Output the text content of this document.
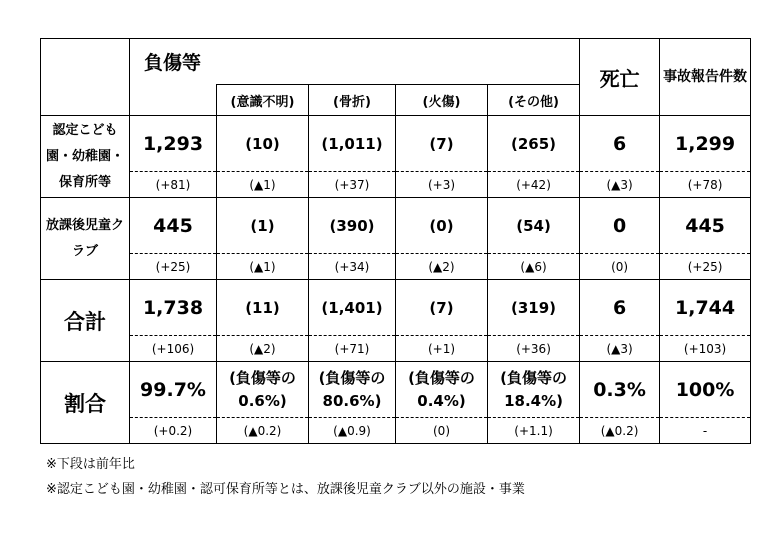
	負傷等					死亡	事故報告件数
		(意識不明)	(骨折)	(火傷)	(その他)		
認定こども園・幼稚園・保育所等	1,293	(10)	(1,011)	(7)	(265)	6	1,299
	(+81)	(▲1)	(+37)	(+3)	(+42)	(▲3)	(+78)
放課後児童クラブ	445	(1)	(390)	(0)	(54)	0	445
	(+25)	(▲1)	(+34)	(▲2)	(▲6)	(0)	(+25)
合計	1,738	(11)	(1,401)	(7)	(319)	6	1,744
	(+106)	(▲2)	(+71)	(+1)	(+36)	(▲3)	(+103)
割合	99.7%	(負傷等の0.6%)	(負傷等の80.6%)	(負傷等の0.4%)	(負傷等の18.4%)	0.3%	100%
	(+0.2)	(▲0.2)	(▲0.9)	(0)	(+1.1)	(▲0.2)	-
※下段は前年比
※認定こども園・幼稚園・認可保育所等とは、放課後児童クラブ以外の施設・事業
